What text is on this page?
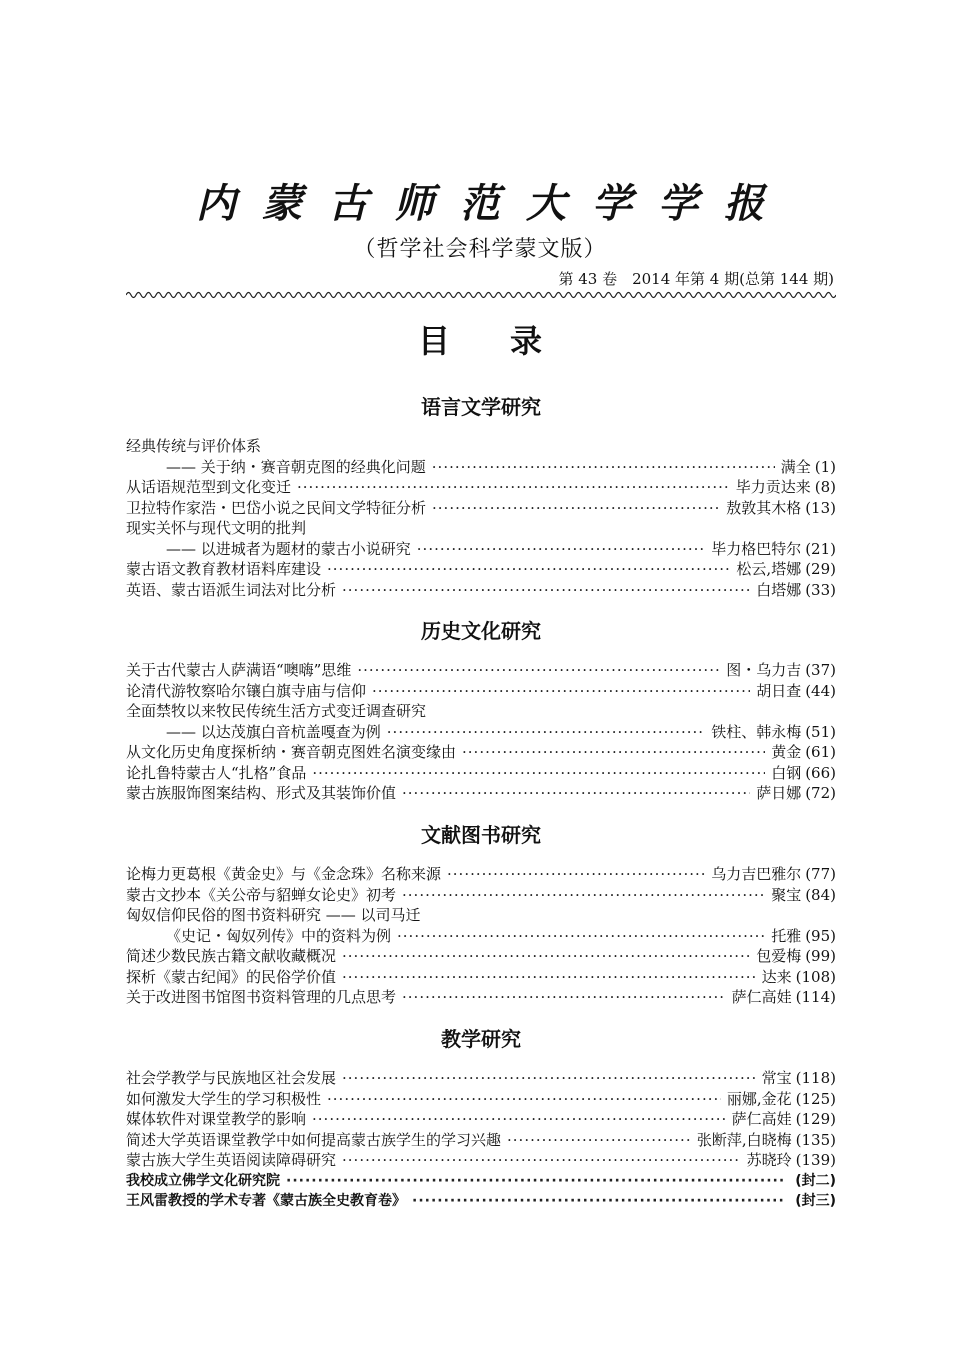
内蒙古师范大学学报
（哲学社会科学蒙文版）
第 43 卷　2014 年第 4 期(总第 144 期)
目录
语言文学研究
经典传统与评价体系
—— 关于纳・赛音朝克图的经典化问题 ·····	满全 (1)
从话语规范型到文化变迁 ·····	毕力贡达来 (8)
卫拉特作家浩・巴岱小说之民间文学特征分析 ·····	敖敦其木格 (13)
现实关怀与现代文明的批判
—— 以进城者为题材的蒙古小说研究 ·····	毕力格巴特尔 (21)
蒙古语文教育教材语料库建设 ·····	松云,塔娜 (29)
英语、蒙古语派生词法对比分析 ·····	白塔娜 (33)
历史文化研究
关于古代蒙古人萨满语“噢嗨”思维 ·····	图・乌力吉 (37)
论清代游牧察哈尔镶白旗寺庙与信仰 ·····	胡日查 (44)
全面禁牧以来牧民传统生活方式变迁调查研究
—— 以达茂旗白音杭盖嘎查为例 ·····	铁柱、韩永梅 (51)
从文化历史角度探析纳・赛音朝克图姓名演变缘由 ·····	黄金 (61)
论扎鲁特蒙古人“扎格”食品 ·····	白钢 (66)
蒙古族服饰图案结构、形式及其装饰价值 ·····	萨日娜 (72)
文献图书研究
论梅力更葛根《黄金史》与《金念珠》名称来源 ·····	乌力吉巴雅尔 (77)
蒙古文抄本《关公帝与貂蝉女论史》初考 ·····	聚宝 (84)
匈奴信仰民俗的图书资料研究 —— 以司马迁
《史记・匈奴列传》中的资料为例 ·····	托雅 (95)
简述少数民族古籍文献收藏概况 ·····	包爱梅 (99)
探析《蒙古纪闻》的民俗学价值 ·····	达来 (108)
关于改进图书馆图书资料管理的几点思考 ·····	萨仁高娃 (114)
教学研究
社会学教学与民族地区社会发展 ·····	常宝 (118)
如何激发大学生的学习积极性 ·····	丽娜,金花 (125)
媒体软件对课堂教学的影响 ·····	萨仁高娃 (129)
简述大学英语课堂教学中如何提高蒙古族学生的学习兴趣 ·····	张断萍,白晓梅 (135)
蒙古族大学生英语阅读障碍研究 ·····	苏晓玲 (139)
我校成立佛学文化研究院 ·····	(封二)
王风雷教授的学术专著《蒙古族全史教育卷》 ·····	(封三)
